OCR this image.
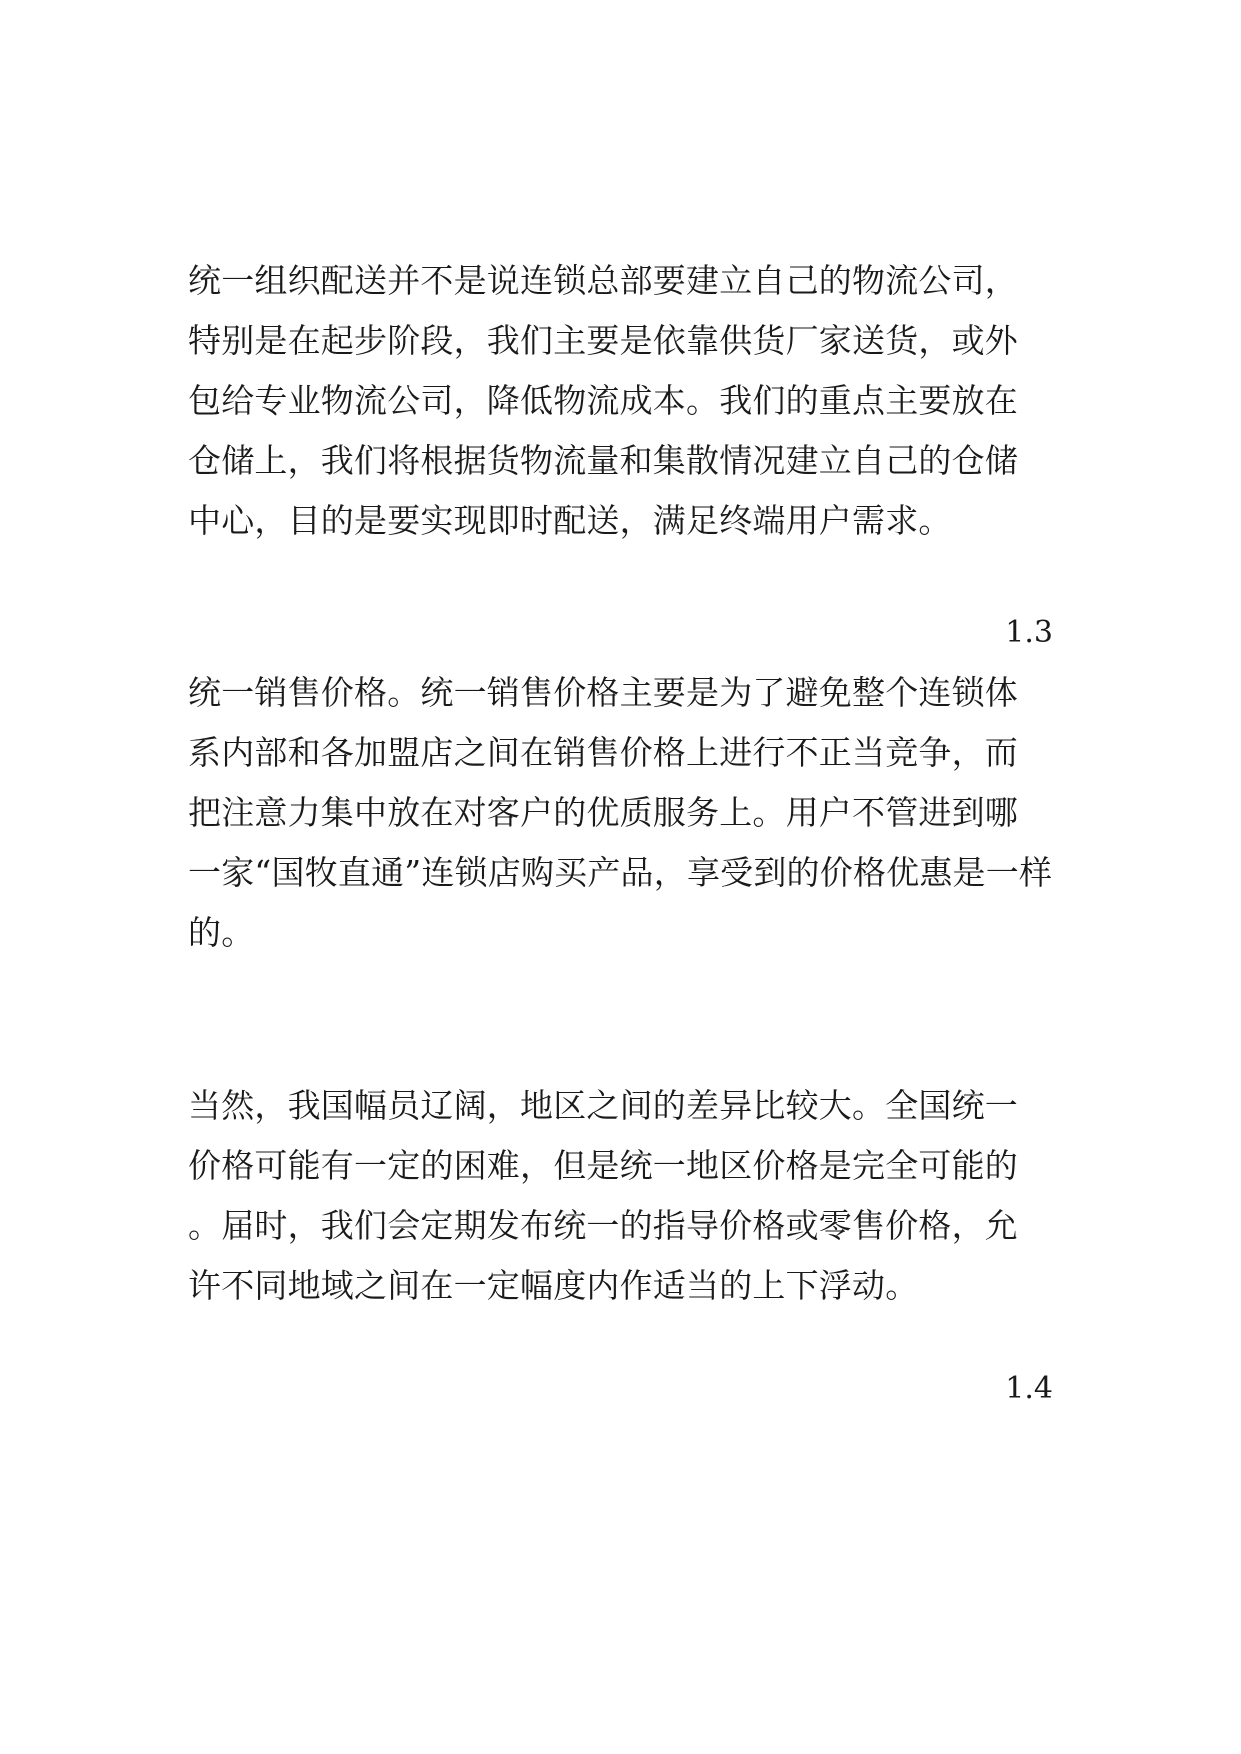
统一组织配送并不是说连锁总部要建立自己的物流公司，
特别是在起步阶段，我们主要是依靠供货厂家送货，或外
包给专业物流公司，降低物流成本。我们的重点主要放在
仓储上，我们将根据货物流量和集散情况建立自己的仓储
中心，目的是要实现即时配送，满足终端用户需求。
1.3
统一销售价格。统一销售价格主要是为了避免整个连锁体
系内部和各加盟店之间在销售价格上进行不正当竞争，而
把注意力集中放在对客户的优质服务上。用户不管进到哪
一家“国牧直通”连锁店购买产品，享受到的价格优惠是一样
的。
当然，我国幅员辽阔，地区之间的差异比较大。全国统一
价格可能有一定的困难，但是统一地区价格是完全可能的
。届时，我们会定期发布统一的指导价格或零售价格，允
许不同地域之间在一定幅度内作适当的上下浮动。
1.4
